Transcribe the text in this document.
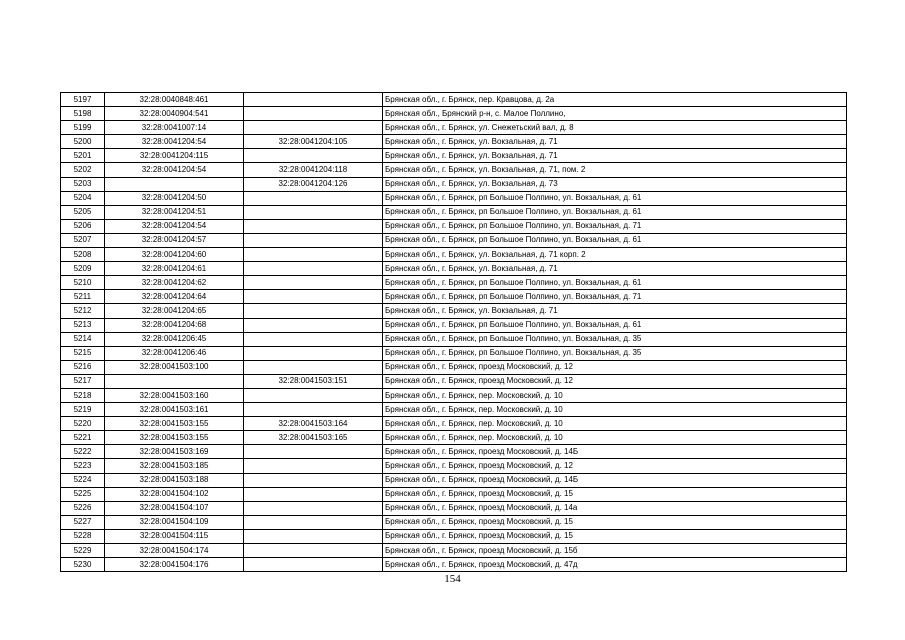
5197	32:28:0040848:461		Брянская обл., г. Брянск, пер. Кравцова, д. 2а
5198	32:28:0040904:541		Брянская обл., Брянский р-н, с. Малое Поллино,
5199	32:28:0041007:14		Брянская обл., г. Брянск, ул. Снежетьский вал, д. 8
5200	32:28:0041204:54	32:28:0041204:105	Брянская обл., г. Брянск, ул. Вокзальная, д. 71
5201	32:28:0041204:115		Брянская обл., г. Брянск, ул. Вокзальная, д. 71
5202	32:28:0041204:54	32:28:0041204:118	Брянская обл., г. Брянск, ул. Вокзальная, д. 71, пом. 2
5203		32:28:0041204:126	Брянская обл., г. Брянск, ул. Вокзальная, д. 73
5204	32:28:0041204:50		Брянская обл., г. Брянск, рп Большое Полпино, ул. Вокзальная, д. 61
5205	32:28:0041204:51		Брянская обл., г. Брянск, рп Большое Полпино, ул. Вокзальная, д. 61
5206	32:28:0041204:54		Брянская обл., г. Брянск, рп Большое Полпино, ул. Вокзальная, д. 71
5207	32:28:0041204:57		Брянская обл., г. Брянск, рп Большое Полпино, ул. Вокзальная, д. 61
5208	32:28:0041204:60		Брянская обл., г. Брянск, ул. Вокзальная, д. 71 корп. 2
5209	32:28:0041204:61		Брянская обл., г. Брянск, ул. Вокзальная, д. 71
5210	32:28:0041204:62		Брянская обл., г. Брянск, рп Большое Полпино, ул. Вокзальная, д. 61
5211	32:28:0041204:64		Брянская обл., г. Брянск, рп Большое Полпино, ул. Вокзальная, д. 71
5212	32:28:0041204:65		Брянская обл., г. Брянск, ул. Вокзальная, д. 71
5213	32:28:0041204:68		Брянская обл., г. Брянск, рп Большое Полпино, ул. Вокзальная, д. 61
5214	32:28:0041206:45		Брянская обл., г. Брянск, рп Большое Полпино, ул. Вокзальная, д. 35
5215	32:28:0041206:46		Брянская обл., г. Брянск, рп Большое Полпино, ул. Вокзальная, д. 35
5216	32:28:0041503:100		Брянская обл., г. Брянск, проезд Московский, д. 12
5217		32:28:0041503:151	Брянская обл., г. Брянск, проезд Московский, д. 12
5218	32:28:0041503:160		Брянская обл., г. Брянск, пер. Московский, д. 10
5219	32:28:0041503:161		Брянская обл., г. Брянск, пер. Московский, д. 10
5220	32:28:0041503:155	32:28:0041503:164	Брянская обл., г. Брянск, пер. Московский, д. 10
5221	32:28:0041503:155	32:28:0041503:165	Брянская обл., г. Брянск, пер. Московский, д. 10
5222	32:28:0041503:169		Брянская обл., г. Брянск, проезд Московский, д. 14Б
5223	32:28:0041503:185		Брянская обл., г. Брянск, проезд Московский, д. 12
5224	32:28:0041503:188		Брянская обл., г. Брянск, проезд Московский, д. 14Б
5225	32:28:0041504:102		Брянская обл., г. Брянск, проезд Московский, д. 15
5226	32:28:0041504:107		Брянская обл., г. Брянск, проезд Московский, д. 14а
5227	32:28:0041504:109		Брянская обл., г. Брянск, проезд Московский, д. 15
5228	32:28:0041504:115		Брянская обл., г. Брянск, проезд Московский, д. 15
5229	32:28:0041504:174		Брянская обл., г. Брянск, проезд Московский, д. 15б
5230	32:28:0041504:176		Брянская обл., г. Брянск, проезд Московский, д. 47д
154
